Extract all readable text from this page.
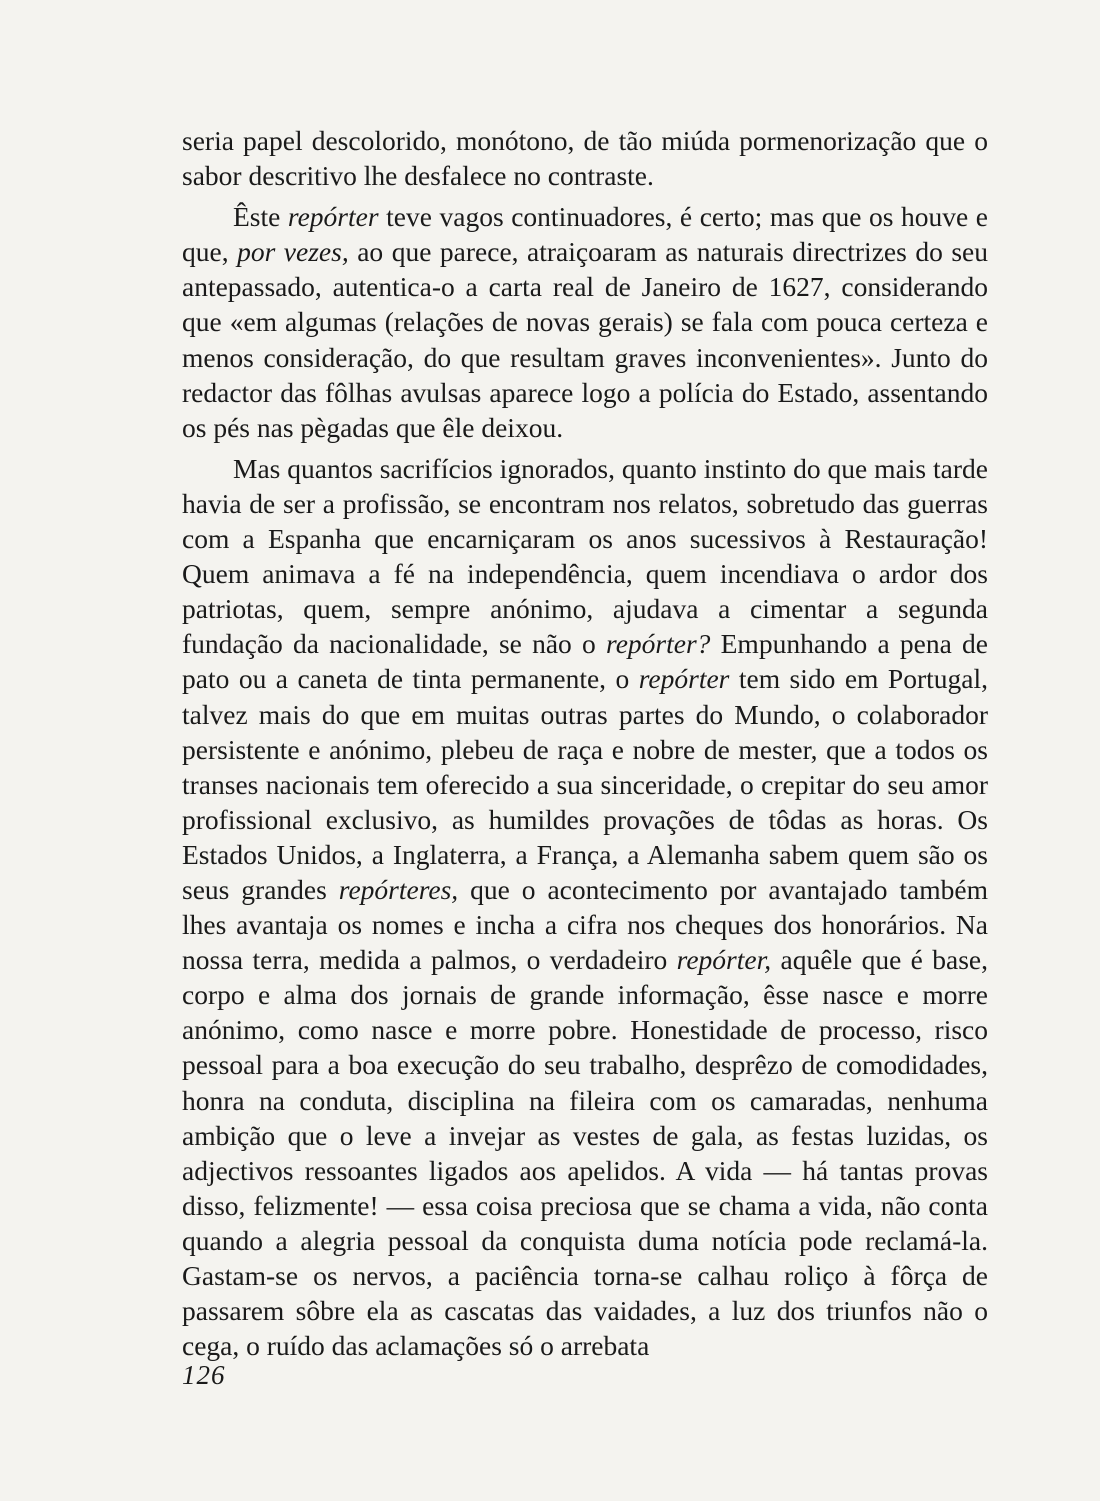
seria papel descolorido, monótono, de tão miúda pormenorização que o sabor descritivo lhe desfalece no contraste.

Êste repórter teve vagos continuadores, é certo; mas que os houve e que, por vezes, ao que parece, atraiçoaram as naturais directrizes do seu antepassado, autentica-o a carta real de Janeiro de 1627, considerando que «em algumas (relações de novas gerais) se fala com pouca certeza e menos consideração, do que resultam graves inconvenientes». Junto do redactor das fôlhas avulsas aparece logo a polícia do Estado, assentando os pés nas pègadas que êle deixou.

Mas quantos sacrifícios ignorados, quanto instinto do que mais tarde havia de ser a profissão, se encontram nos relatos, sobretudo das guerras com a Espanha que encarniçaram os anos sucessivos à Restauração! Quem animava a fé na independência, quem incendiava o ardor dos patriotas, quem, sempre anónimo, ajudava a cimentar a segunda fundação da nacionalidade, se não o repórter? Empunhando a pena de pato ou a caneta de tinta permanente, o repórter tem sido em Portugal, talvez mais do que em muitas outras partes do Mundo, o colaborador persistente e anónimo, plebeu de raça e nobre de mester, que a todos os transes nacionais tem oferecido a sua sinceridade, o crepitar do seu amor profissional exclusivo, as humildes provações de tôdas as horas. Os Estados Unidos, a Inglaterra, a França, a Alemanha sabem quem são os seus grandes repórteres, que o acontecimento por avantajado também lhes avantaja os nomes e incha a cifra nos cheques dos honorários. Na nossa terra, medida a palmos, o verdadeiro repórter, aquêle que é base, corpo e alma dos jornais de grande informação, êsse nasce e morre anónimo, como nasce e morre pobre. Honestidade de processo, risco pessoal para a boa execução do seu trabalho, desprêzo de comodidades, honra na conduta, disciplina na fileira com os camaradas, nenhuma ambição que o leve a invejar as vestes de gala, as festas luzidas, os adjectivos ressoantes ligados aos apelidos. A vida — há tantas provas disso, felizmente! — essa coisa preciosa que se chama a vida, não conta quando a alegria pessoal da conquista duma notícia pode reclamá-la. Gastam-se os nervos, a paciência torna-se calhau roliço à fôrça de passarem sôbre ela as cascatas das vaidades, a luz dos triunfos não o cega, o ruído das aclamações só o arrebata

126
